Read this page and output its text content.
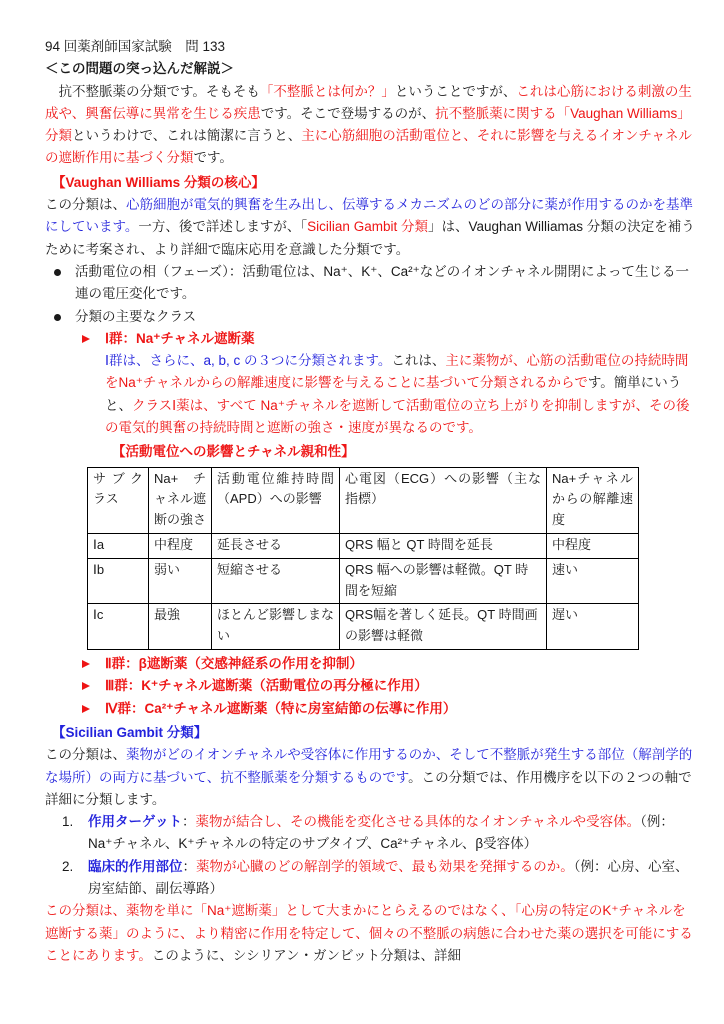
94 回薬剤師国家試験　問 133
＜この問題の突っ込んだ解説＞
　抗不整脈薬の分類です。そもそも「不整脈とは何か？」ということですが、これは心筋における刺激の生成や、興奮伝導に異常を生じる疾患です。そこで登場するのが、抗不整脈薬に関する「Vaughan Williams」分類というわけで、これは簡潔に言うと、主に心筋細胞の活動電位と、それに影響を与えるイオンチャネルの遮断作用に基づく分類です。
【Vaughan Williams 分類の核心】
この分類は、心筋細胞が電気的興奮を生み出し、伝導するメカニズムのどの部分に薬が作用するのかを基準にしています。一方、後で詳述しますが、「Sicilian Gambit 分類」は、Vaughan Williamas 分類の決定を補うために考案され、より詳細で臨床応用を意識した分類です。
活動電位の相（フェーズ）：活動電位は、Na⁺、K⁺、Ca²⁺などのイオンチャネル開閉によって生じる一連の電圧変化です。
分類の主要なクラス
Ⅰ群：Na⁺チャネル遮断薬
Ⅰ群は、さらに、a, b, c の３つに分類されます。これは、主に薬物が、心筋の活動電位の持続時間をNa⁺チャネルからの解離速度に影響を与えることに基づいて分類されるからです。簡単にいうと、クラスⅠ薬は、すべて Na⁺チャネルを遮断して活動電位の立ち上がりを抑制しますが、その後の電気的興奮の持続時間と遮断の強さ・速度が異なるのです。
【活動電位への影響とチャネル親和性】
サブクラス	Na+ チャネル遮断の強さ	活動電位維持時間（APD）への影響	心電図（ECG）への影響（主な指標）	Na+チャネルからの解離速度
Ⅰa	中程度	延長させる	QRS 幅と QT 時間を延長	中程度
Ⅰb	弱い	短縮させる	QRS 幅への影響は軽微。QT 時間を短縮	速い
Ⅰc	最強	ほとんど影響しまない	QRS幅を著しく延長。QT 時間画の影響は軽微	遅い
Ⅱ群：β遮断薬（交感神経系の作用を抑制）
Ⅲ群：K⁺チャネル遮断薬（活動電位の再分極に作用）
Ⅳ群：Ca²⁺チャネル遮断薬（特に房室結節の伝導に作用）
【Sicilian Gambit 分類】
この分類は、薬物がどのイオンチャネルや受容体に作用するのか、そして不整脈が発生する部位（解剖学的な場所）の両方に基づいて、抗不整脈薬を分類するものです。この分類では、作用機序を以下の２つの軸で詳細に分類します。
1. 作用ターゲット：薬物が結合し、その機能を変化させる具体的なイオンチャネルや受容体。（例：Na⁺チャネル、K⁺チャネルの特定のサブタイプ、Ca²⁺チャネル、β受容体）
2. 臨床的作用部位：薬物が心臓のどの解剖学的領域で、最も効果を発揮するのか。（例：心房、心室、房室結節、副伝導路）
この分類は、薬物を単に「Na⁺遮断薬」として大まかにとらえるのではなく、「心房の特定のK⁺チャネルを遮断する薬」のように、より精密に作用を特定して、個々の不整脈の病態に合わせた薬の選択を可能にすることにあります。このように、シシリアン・ガンビット分類は、詳細
